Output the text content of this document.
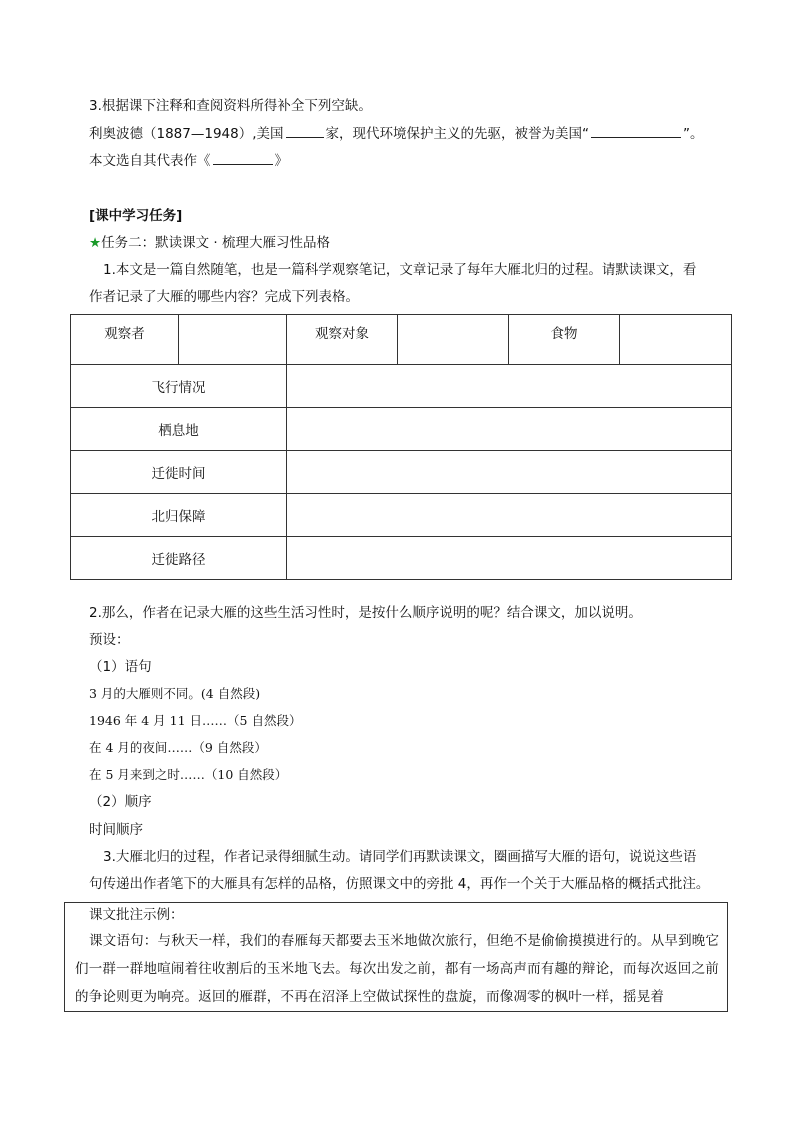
3.根据课下注释和查阅资料所得补全下列空缺。
利奥波德（1887—1948）,美国	家，现代环境保护主义的先驱，被誉为美国“	”。
本文选自其代表作《	》
[课中学习任务]
★任务二：默读课文 · 梳理大雁习性品格
1.本文是一篇自然随笔，也是一篇科学观察笔记，文章记录了每年大雁北归的过程。请默读课文，看
作者记录了大雁的哪些内容？完成下列表格。
观察者		观察对象		食物	
飞行情况					
栖息地					
迁徙时间					
北归保障					
迁徙路径					
2.那么，作者在记录大雁的这些生活习性时，是按什么顺序说明的呢？结合课文，加以说明。
预设：
（1）语句
3 月的大雁则不同。(4 自然段)
1946 年 4 月 11 日……（5 自然段）
在 4 月的夜间……（9 自然段）
在 5 月来到之时……（10 自然段）
（2）顺序
时间顺序
3.大雁北归的过程，作者记录得细腻生动。请同学们再默读课文，圈画描写大雁的语句，说说这些语
句传递出作者笔下的大雁具有怎样的品格，仿照课文中的旁批 4，再作一个关于大雁品格的概括式批注。
课文批注示例：
课文语句：与秋天一样，我们的春雁每天都要去玉米地做次旅行，但绝不是偷偷摸摸进行的。从早到晚它们一群一群地喧闹着往收割后的玉米地飞去。每次出发之前，都有一场高声而有趣的辩论，而每次返回之前的争论则更为响亮。返回的雁群，不再在沼泽上空做试探性的盘旋，而像凋零的枫叶一样，摇晃着
